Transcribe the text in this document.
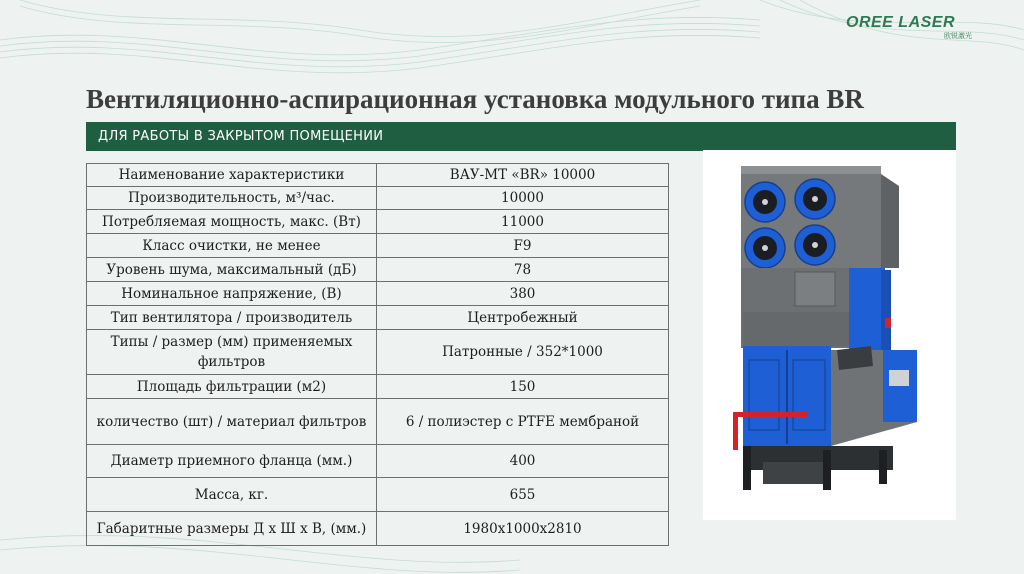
OREE LASER
欧锐激光
Вентиляционно-аспирационная установка модульного типа BR
ДЛЯ РАБОТЫ В ЗАКРЫТОМ ПОМЕЩЕНИИ
Наименование характеристики	ВАУ-МТ «BR» 10000
Производительность, м³/час.	10000
Потребляемая мощность, макс. (Вт)	11000
Класс очистки, не менее	F9
Уровень шума, максимальный (дБ)	78
Номинальное напряжение, (В)	380
Тип вентилятора / производитель	Центробежный
Типы / размер (мм) применяемых фильтров	Патронные / 352*1000
Площадь фильтрации (м2)	150
количество (шт) / материал фильтров	6 / полиэстер с PTFE мембраной
Диаметр приемного фланца (мм.)	400
Масса, кг.	655
Габаритные размеры Д х Ш х В, (мм.)	1980x1000x2810
